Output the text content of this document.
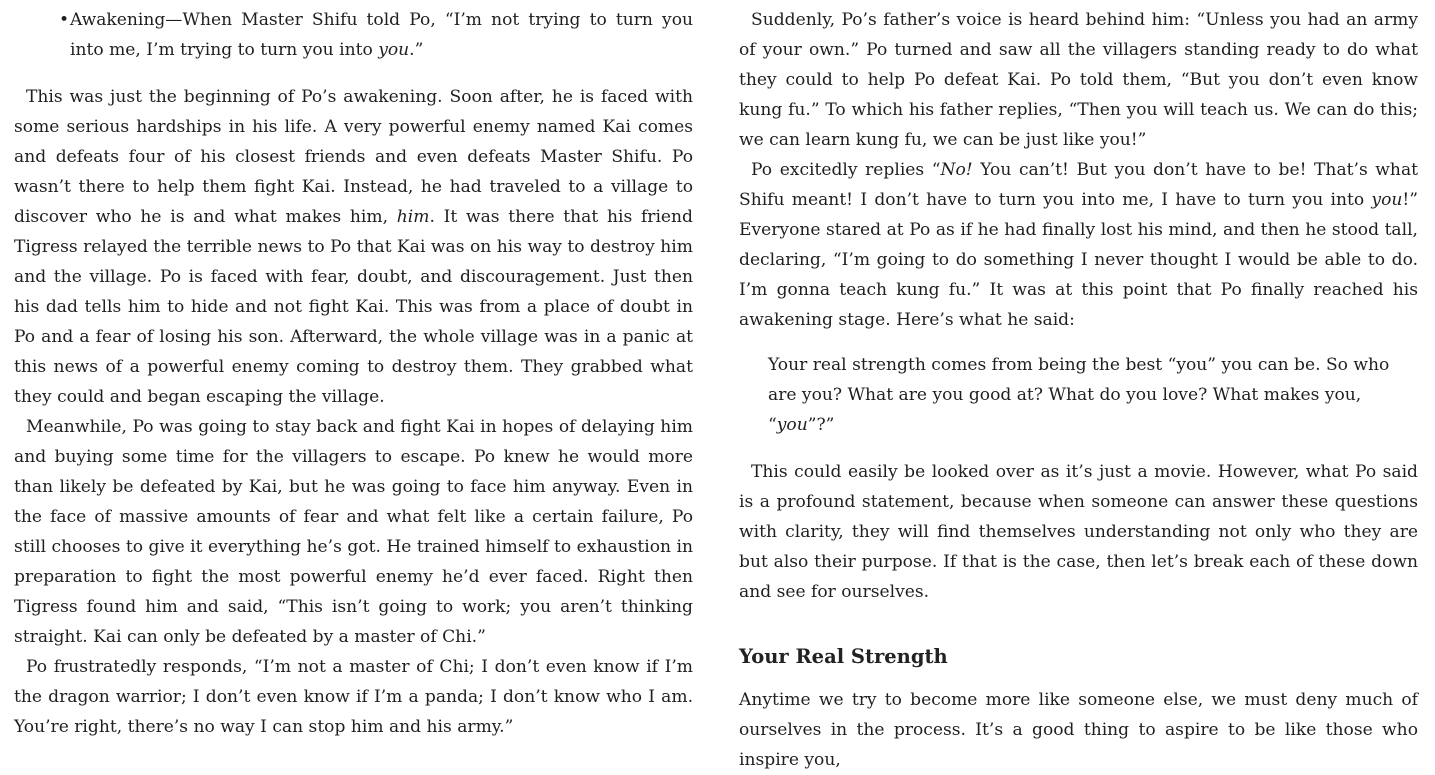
• Awakening—When Master Shifu told Po, “I’m not trying to turn you into me, I’m trying to turn you into you.”

This was just the beginning of Po’s awakening. Soon after, he is faced with some serious hardships in his life. A very powerful enemy named Kai comes and defeats four of his closest friends and even defeats Master Shifu. Po wasn’t there to help them fight Kai. Instead, he had traveled to a village to discover who he is and what makes him, him. It was there that his friend Tigress relayed the terrible news to Po that Kai was on his way to destroy him and the village. Po is faced with fear, doubt, and discouragement. Just then his dad tells him to hide and not fight Kai. This was from a place of doubt in Po and a fear of losing his son. Afterward, the whole village was in a panic at this news of a powerful enemy coming to destroy them. They grabbed what they could and began escaping the village.

Meanwhile, Po was going to stay back and fight Kai in hopes of delaying him and buying some time for the villagers to escape. Po knew he would more than likely be defeated by Kai, but he was going to face him anyway. Even in the face of massive amounts of fear and what felt like a certain failure, Po still chooses to give it everything he’s got. He trained himself to exhaustion in preparation to fight the most powerful enemy he’d ever faced. Right then Tigress found him and said, “This isn’t going to work; you aren’t thinking straight. Kai can only be defeated by a master of Chi.”

Po frustratedly responds, “I’m not a master of Chi; I don’t even know if I’m the dragon warrior; I don’t even know if I’m a panda; I don’t know who I am. You’re right, there’s no way I can stop him and his army.”

Suddenly, Po’s father’s voice is heard behind him: “Unless you had an army of your own.” Po turned and saw all the villagers standing ready to do what they could to help Po defeat Kai. Po told them, “But you don’t even know kung fu.” To which his father replies, “Then you will teach us. We can do this; we can learn kung fu, we can be just like you!”

Po excitedly replies “No! You can’t! But you don’t have to be! That’s what Shifu meant! I don’t have to turn you into me, I have to turn you into you!” Everyone stared at Po as if he had finally lost his mind, and then he stood tall, declaring, “I’m going to do something I never thought I would be able to do. I’m gonna teach kung fu.” It was at this point that Po finally reached his awakening stage. Here’s what he said:

Your real strength comes from being the best “you” you can be. So who are you? What are you good at? What do you love? What makes you, “you”?”

This could easily be looked over as it’s just a movie. However, what Po said is a profound statement, because when someone can answer these questions with clarity, they will find themselves understanding not only who they are but also their purpose. If that is the case, then let’s break each of these down and see for ourselves.

Your Real Strength

Anytime we try to become more like someone else, we must deny much of ourselves in the process. It’s a good thing to aspire to be like those who inspire you,
